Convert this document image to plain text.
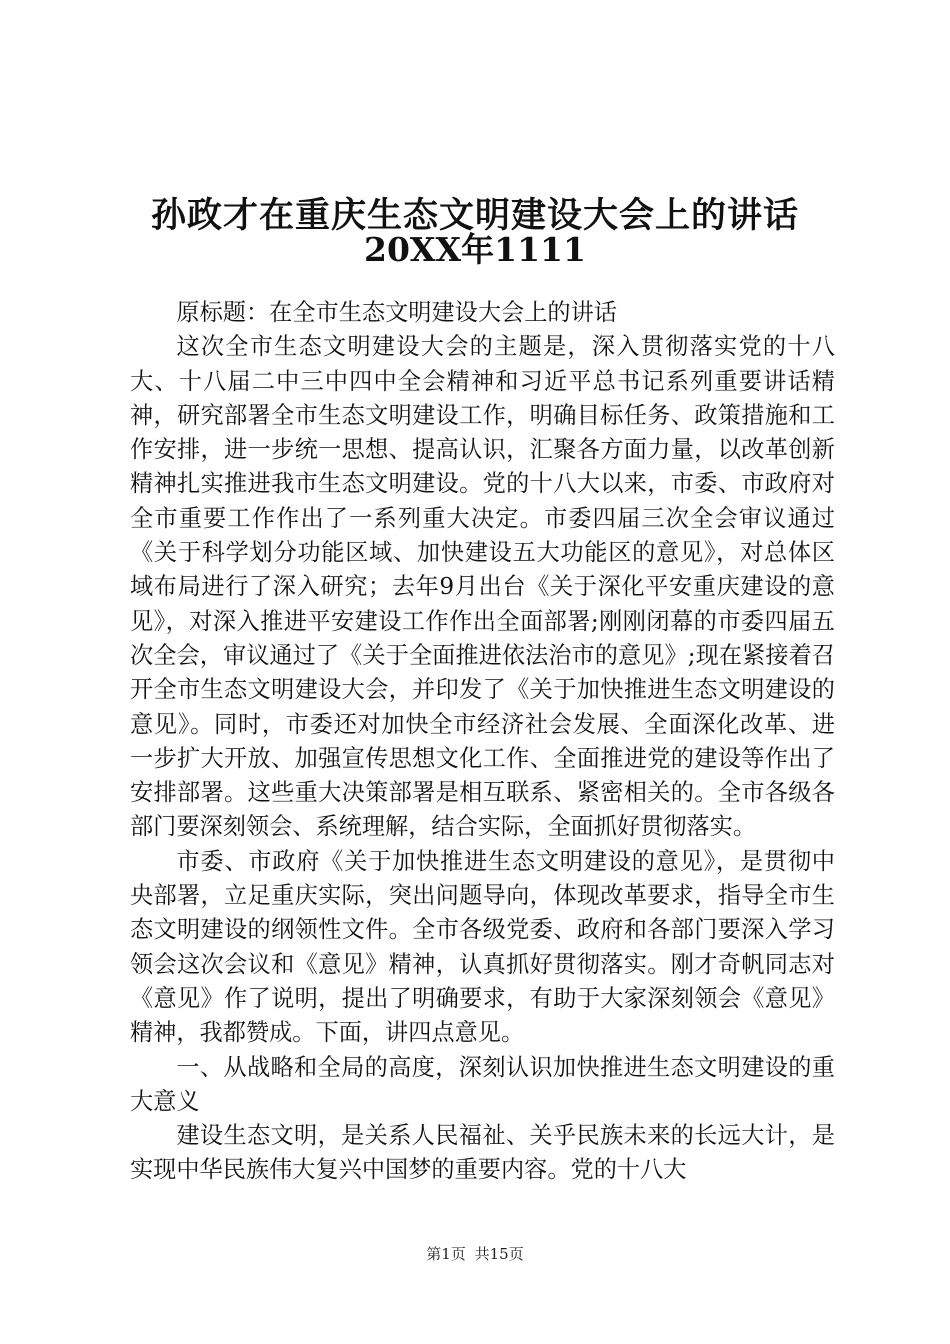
孙政才在重庆生态文明建设大会上的讲话
20XX年1111

原标题：在全市生态文明建设大会上的讲话

这次全市生态文明建设大会的主题是，深入贯彻落实党的十八大、十八届二中三中四中全会精神和习近平总书记系列重要讲话精神，研究部署全市生态文明建设工作，明确目标任务、政策措施和工作安排，进一步统一思想、提高认识，汇聚各方面力量，以改革创新精神扎实推进我市生态文明建设。党的十八大以来，市委、市政府对全市重要工作作出了一系列重大决定。市委四届三次全会审议通过《关于科学划分功能区域、加快建设五大功能区的意见》，对总体区域布局进行了深入研究；去年9月出台《关于深化平安重庆建设的意见》，对深入推进平安建设工作作出全面部署;刚刚闭幕的市委四届五次全会，审议通过了《关于全面推进依法治市的意见》;现在紧接着召开全市生态文明建设大会，并印发了《关于加快推进生态文明建设的意见》。同时，市委还对加快全市经济社会发展、全面深化改革、进一步扩大开放、加强宣传思想文化工作、全面推进党的建设等作出了安排部署。这些重大决策部署是相互联系、紧密相关的。全市各级各部门要深刻领会、系统理解，结合实际，全面抓好贯彻落实。

市委、市政府《关于加快推进生态文明建设的意见》，是贯彻中央部署，立足重庆实际，突出问题导向，体现改革要求，指导全市生态文明建设的纲领性文件。全市各级党委、政府和各部门要深入学习领会这次会议和《意见》精神，认真抓好贯彻落实。刚才奇帆同志对《意见》作了说明，提出了明确要求，有助于大家深刻领会《意见》精神，我都赞成。下面，讲四点意见。

一、从战略和全局的高度，深刻认识加快推进生态文明建设的重大意义

建设生态文明，是关系人民福祉、关乎民族未来的长远大计，是实现中华民族伟大复兴中国梦的重要内容。党的十八大

第1页 共15页
